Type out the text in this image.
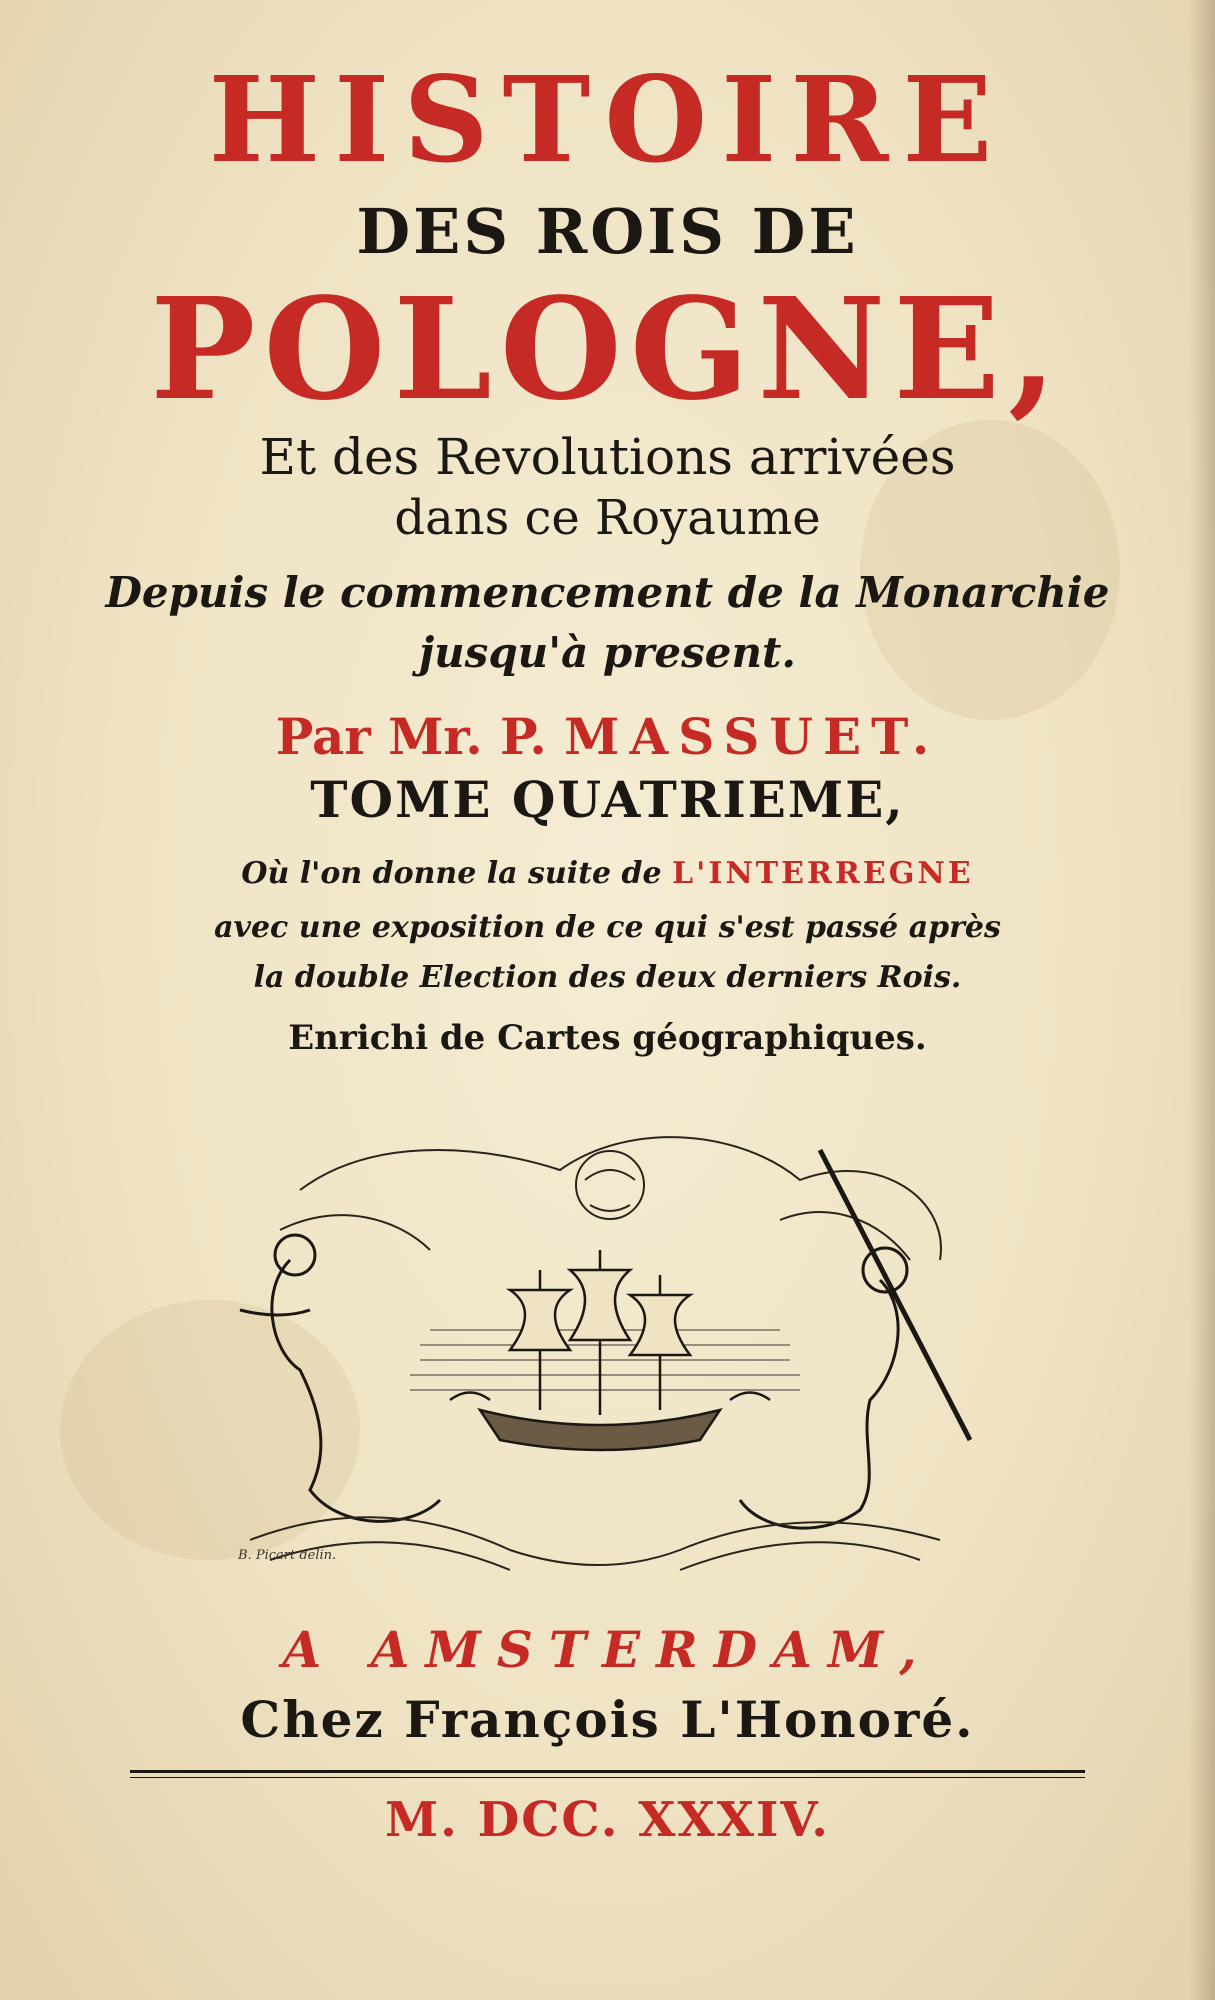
HISTOIRE
DES ROIS DE
POLOGNE,
Et des Revolutions arrivées
dans ce Royaume
Depuis le commencement de la Monarchie
jusqu'à present.
Par Mr. P. MASSUET.
TOME QUATRIEME,
Où l'on donne la suite de L'INTERREGNE
avec une exposition de ce qui s'est passé après
la double Election des deux derniers Rois.
Enrichi de Cartes géographiques.
B. Picart delin.
A AMSTERDAM,
Chez François L'Honoré.
M. DCC. XXXIV.
